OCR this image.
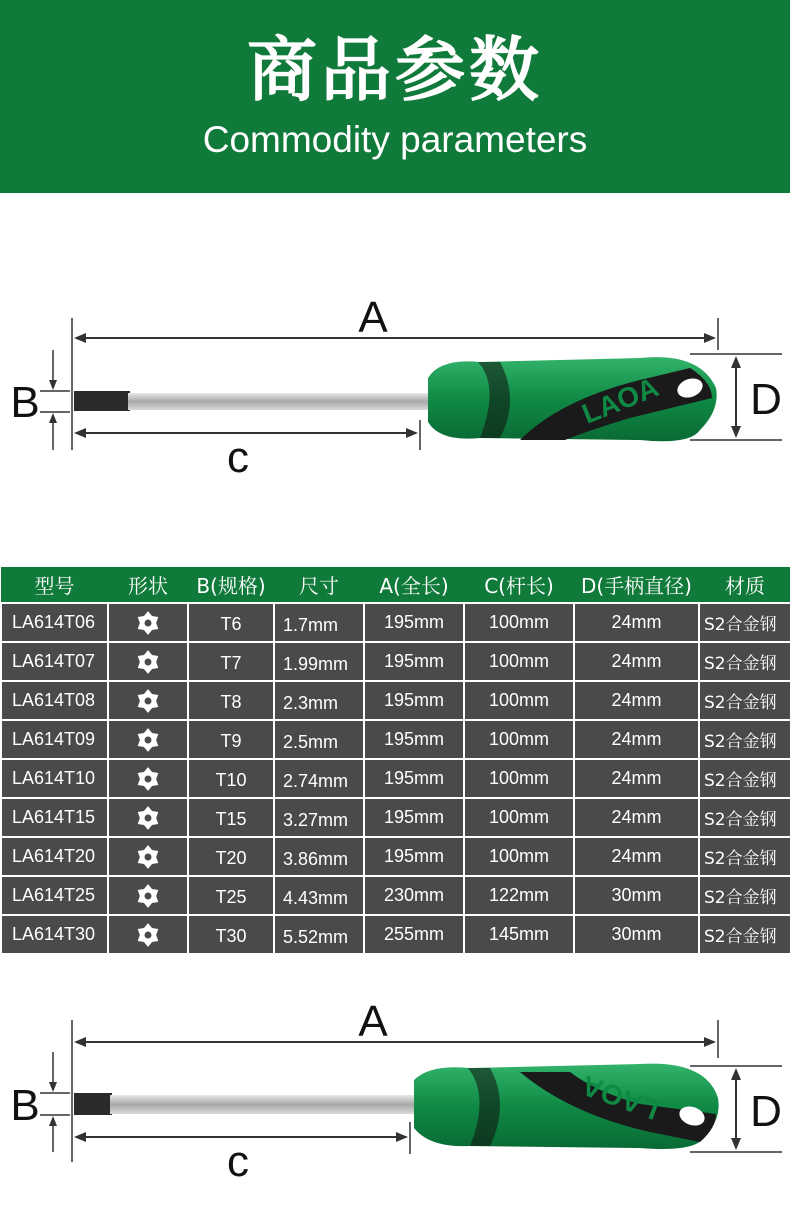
商品参数
Commodity parameters
A
D
B
c
LAOA
型号	形状	B(规格)	尺寸	A(全长)	C(杆长)	D(手柄直径)	材质
LA614T06		T6	1.7mm	195mm	100mm	24mm	S2合金钢
LA614T07		T7	1.99mm	195mm	100mm	24mm	S2合金钢
LA614T08		T8	2.3mm	195mm	100mm	24mm	S2合金钢
LA614T09		T9	2.5mm	195mm	100mm	24mm	S2合金钢
LA614T10		T10	2.74mm	195mm	100mm	24mm	S2合金钢
LA614T15		T15	3.27mm	195mm	100mm	24mm	S2合金钢
LA614T20		T20	3.86mm	195mm	100mm	24mm	S2合金钢
LA614T25		T25	4.43mm	230mm	122mm	30mm	S2合金钢
LA614T30		T30	5.52mm	255mm	145mm	30mm	S2合金钢
A
D
B
c
LAOA
